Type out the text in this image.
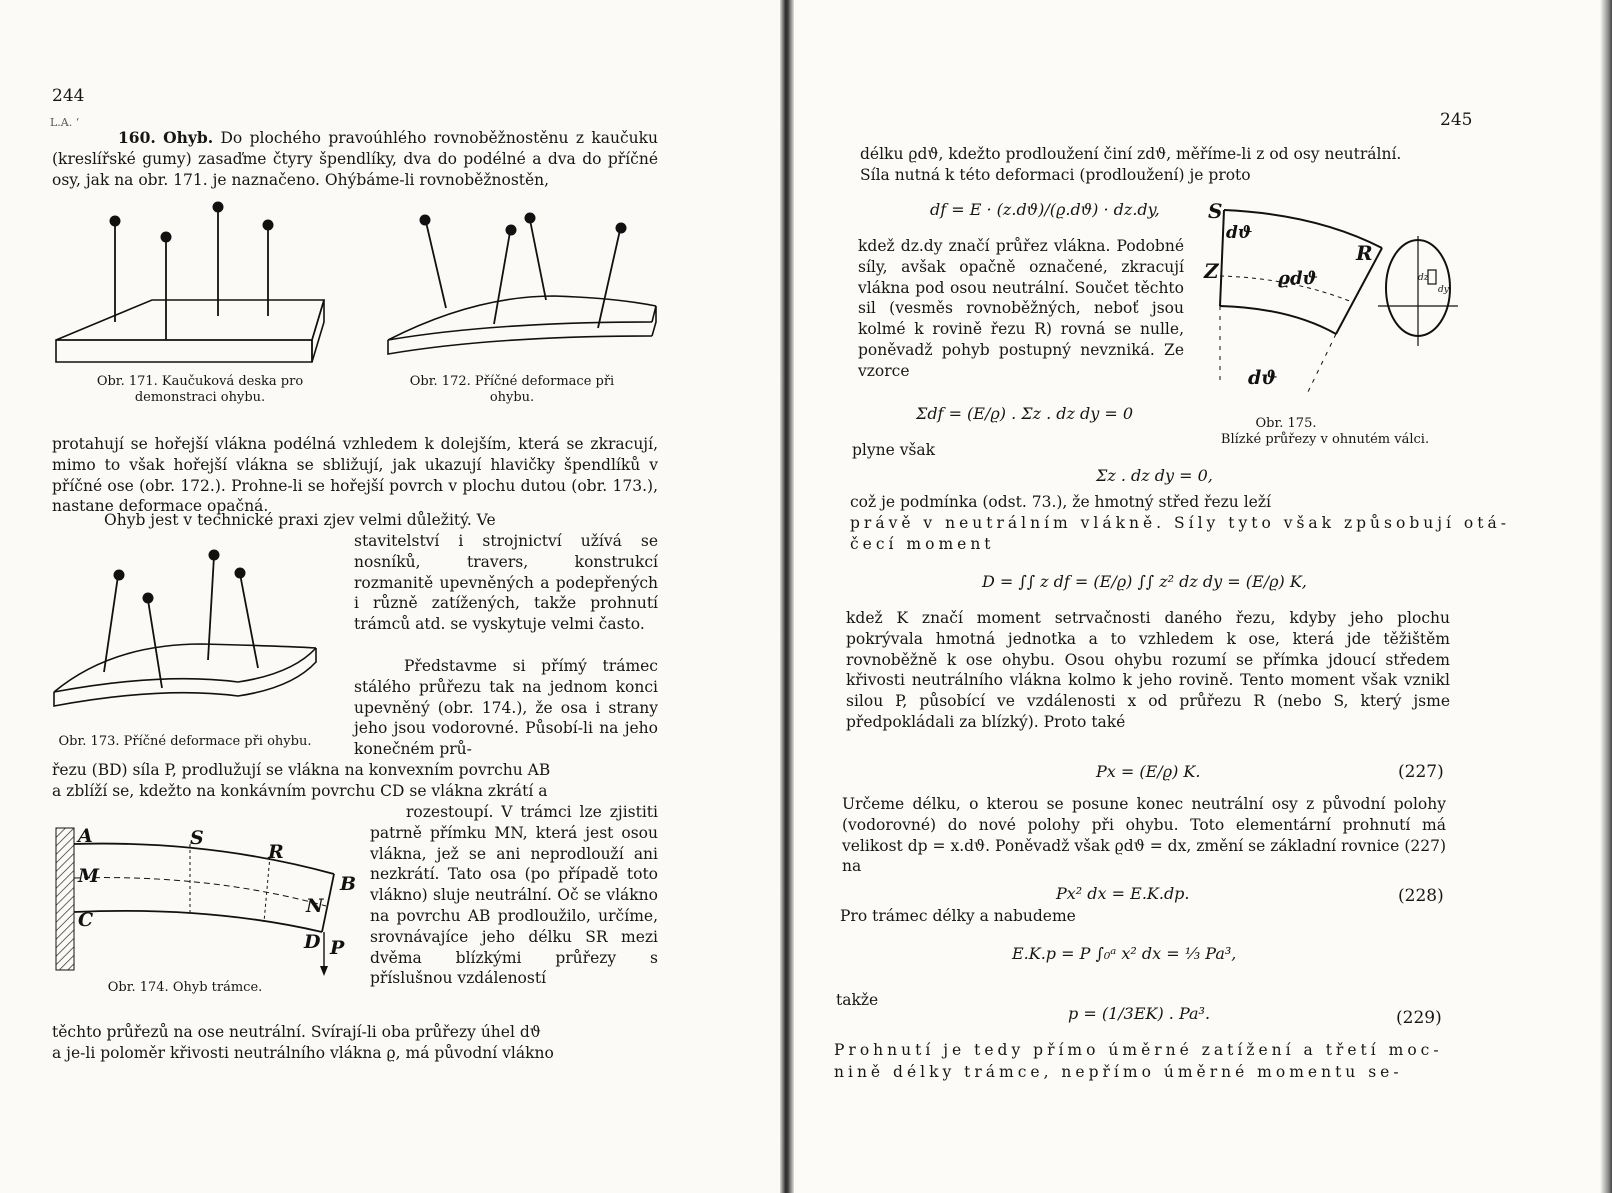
244
L.A. ‘

160. Ohyb. Do plochého pravoúhlého rovnoběžnostěnu z kaučuku (kreslířské gumy) zasaďme čtyry špendlíky, dva do podélné a dva do příčné osy, jak na obr. 171. je naznačeno. Ohýbáme-li rovnoběžnostěn,

Obr. 171. Kaučuková deska pro demonstraci ohybu.

Obr. 172. Příčné deformace při ohybu.

protahují se hořejší vlákna podélná vzhledem k dolejším, která se zkracují, mimo to však hořejší vlákna se sbližují, jak ukazují hlavičky špendlíků v příčné ose (obr. 172.). Prohne-li se hořejší povrch v plochu dutou (obr. 173.), nastane deformace opačná.

Ohyb jest v technické praxi zjev velmi důležitý. Ve

stavitelství i strojnictví užívá se nosníků, travers, konstrukcí rozmanitě upevněných a podepřených i různě zatížených, takže prohnutí trámců atd. se vyskytuje velmi často.

Představme si přímý trámec stálého průřezu tak na jednom konci upevněný (obr. 174.), že osa i strany jeho jsou vodorovné. Působí-li na jeho konečném prů-

Obr. 173. Příčné deformace při ohybu.

řezu (BD) síla P, prodlužují se vlákna na konvexním povrchu AB

a zblíží se, kdežto na konkávním povrchu CD se vlákna zkrátí a

rozestoupí. V trámci lze zjistiti patrně přímku MN, která jest osou vlákna, jež se ani neprodlouží ani nezkrátí. Tato osa (po případě toto vlákno) sluje neutrální. Oč se vlákno na povrchu AB prodloužilo, určíme, srovnávajíce jeho délku SR mezi dvěma blízkými průřezy s příslušnou vzdáleností

A	S
R
M	B
C
N
D P

Obr. 174. Ohyb trámce.

těchto průřezů na ose neutrální. Svírají-li oba průřezy úhel dϑ

a je-li poloměr křivosti neutrálního vlákna ϱ, má původní vlákno

245

délku ϱdϑ, kdežto prodloužení činí zdϑ, měříme-li z od osy neutrální.

Síla nutná k této deformaci (prodloužení) je proto

df = E · (z.dϑ)/(ϱ.dϑ) · dz.dy,

kdež dz.dy značí průřez vlákna. Podobné síly, avšak opačně označené, zkracují vlákna pod osou neutrální. Součet těchto sil (vesměs rovnoběžných, neboť jsou kolmé k rovině řezu R) rovná se nulle, poněvadž pohyb postupný nevzniká. Ze vzorce

Σdf = (E/ϱ) . Σz . dz dy = 0

plyne však

Σz . dz dy = 0,
S
dϑ
Z	ϱdϑ
R
dϑ
dz
dy

Obr. 175.

Blízké průřezy v ohnutém válci.

což je podmínka (odst. 73.), že hmotný střed řezu leží

právě v neutrálním vlákně. Síly tyto však způsobují otá-

čecí moment

D = ∫∫ z df = (E/ϱ) ∫∫ z² dz dy = (E/ϱ) K,

kdež K značí moment setrvačnosti daného řezu, kdyby jeho plochu pokrývala hmotná jednotka a to vzhledem k ose, která jde těžištěm rovnoběžně k ose ohybu. Osou ohybu rozumí se přímka jdoucí středem křivosti neutrálního vlákna kolmo k jeho rovině. Tento moment však vznikl silou P, působící ve vzdálenosti x od průřezu R (nebo S, který jsme předpokládali za blízký). Proto také

Px = (E/ϱ) K.	(227)

Určeme délku, o kterou se posune konec neutrální osy z původní polohy (vodorovné) do nové polohy při ohybu. Toto elementární prohnutí má velikost dp = x.dϑ. Poněvadž však ϱdϑ = dx, změní se základní rovnice (227) na

Px² dx = E.K.dp.	(228)

Pro trámec délky a nabudeme

E.K.p = P ∫₀ᵃ x² dx = ⅓ Pa³,

takže

p = (1/3EK) . Pa³.	(229)

Prohnutí je tedy přímo úměrné zatížení a třetí moc-

nině délky trámce, nepřímo úměrné momentu se-
